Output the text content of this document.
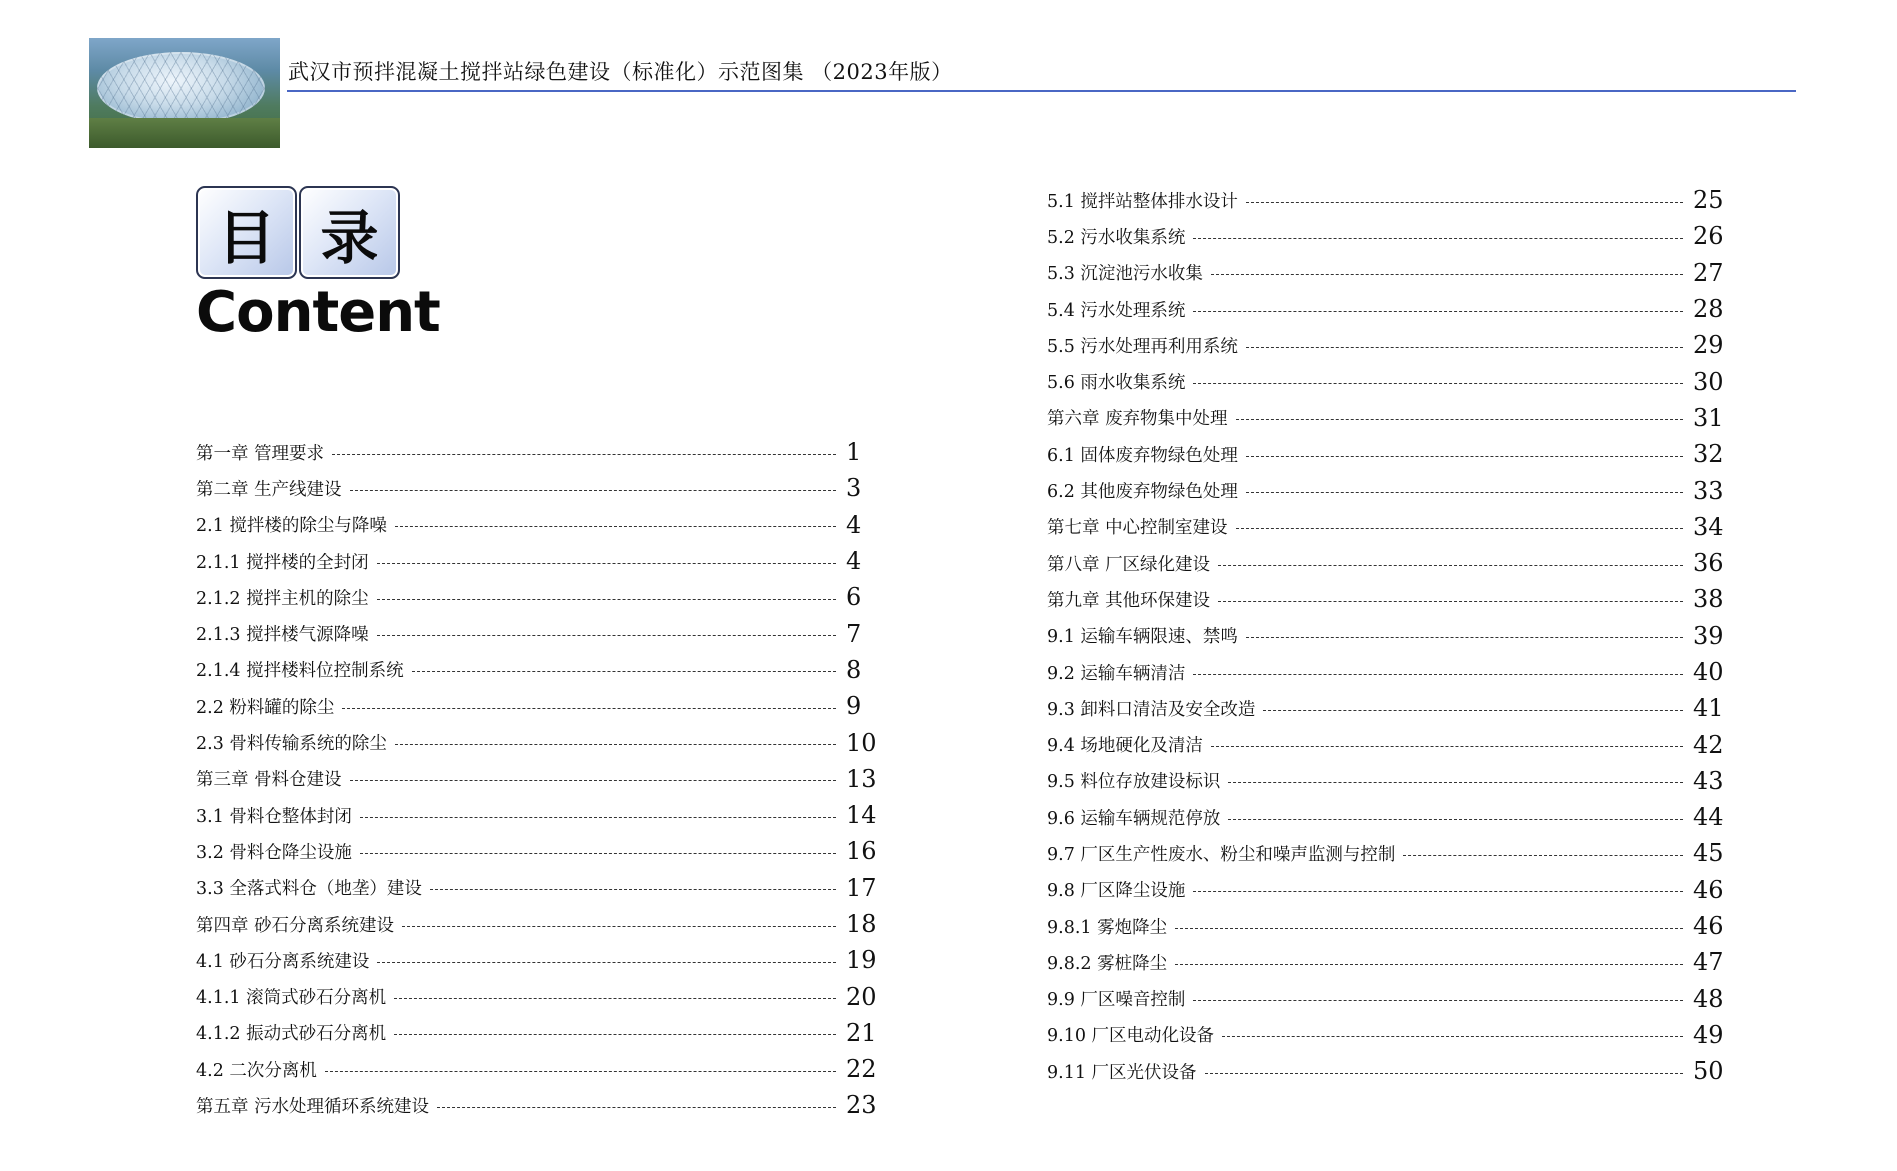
武汉市预拌混凝土搅拌站绿色建设（标准化）示范图集 （2023年版）
目 录
Content
第一章 管理要求	1
第二章 生产线建设	3
2.1 搅拌楼的除尘与降噪	4
2.1.1 搅拌楼的全封闭	4
2.1.2 搅拌主机的除尘	6
2.1.3 搅拌楼气源降噪	7
2.1.4 搅拌楼料位控制系统	8
2.2 粉料罐的除尘	9
2.3 骨料传输系统的除尘	10
第三章 骨料仓建设	13
3.1 骨料仓整体封闭	14
3.2 骨料仓降尘设施	16
3.3 全落式料仓（地垄）建设	17
第四章 砂石分离系统建设	18
4.1 砂石分离系统建设	19
4.1.1 滚筒式砂石分离机	20
4.1.2 振动式砂石分离机	21
4.2 二次分离机	22
第五章 污水处理循环系统建设	23
5.1 搅拌站整体排水设计	25
5.2 污水收集系统	26
5.3 沉淀池污水收集	27
5.4 污水处理系统	28
5.5 污水处理再利用系统	29
5.6 雨水收集系统	30
第六章 废弃物集中处理	31
6.1 固体废弃物绿色处理	32
6.2 其他废弃物绿色处理	33
第七章 中心控制室建设	34
第八章 厂区绿化建设	36
第九章 其他环保建设	38
9.1 运输车辆限速、禁鸣	39
9.2 运输车辆清洁	40
9.3 卸料口清洁及安全改造	41
9.4 场地硬化及清洁	42
9.5 料位存放建设标识	43
9.6 运输车辆规范停放	44
9.7 厂区生产性废水、粉尘和噪声监测与控制	45
9.8 厂区降尘设施	46
9.8.1 雾炮降尘	46
9.8.2 雾桩降尘	47
9.9 厂区噪音控制	48
9.10 厂区电动化设备	49
9.11 厂区光伏设备	50
